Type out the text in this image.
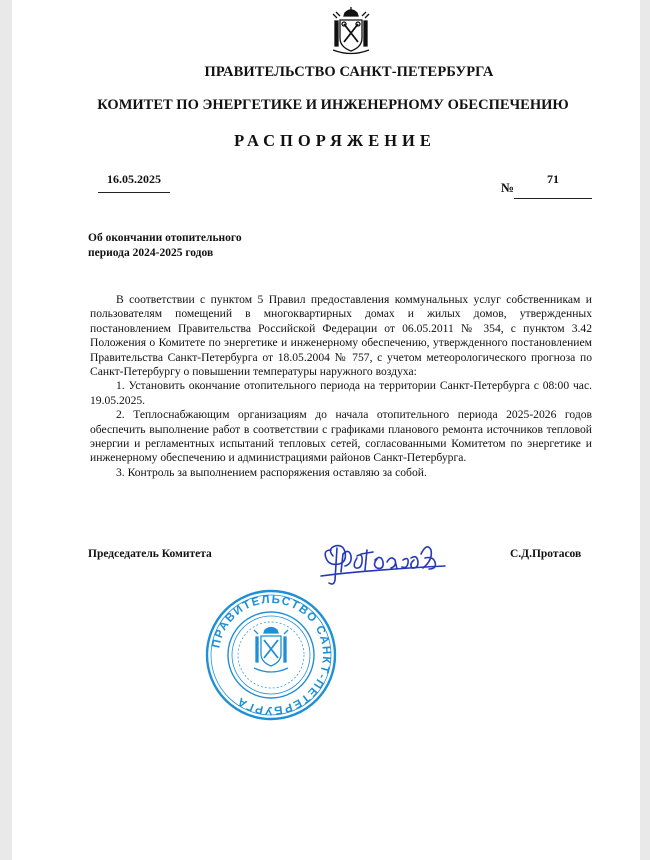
ПРАВИТЕЛЬСТВО САНКТ-ПЕТЕРБУРГА
КОМИТЕТ ПО ЭНЕРГЕТИКЕ И ИНЖЕНЕРНОМУ ОБЕСПЕЧЕНИЮ
РАСПОРЯЖЕНИЕ
16.05.2025
№
71
Об окончании отопительного
периода 2024-2025 годов

В соответствии с пунктом 5 Правил предоставления коммунальных услуг собственникам и пользователям помещений в многоквартирных домах и жилых домов, утвержденных постановлением Правительства Российской Федерации от 06.05.2011 № 354, с пунктом 3.42 Положения о Комитете по энергетике и инженерному обеспечению, утвержденного постановлением Правительства Санкт-Петербурга от 18.05.2004 № 757, с учетом метеорологического прогноза по Санкт-Петербургу о повышении температуры наружного воздуха:

1. Установить окончание отопительного периода на территории Санкт-Петербурга с 08:00 час. 19.05.2025.

2. Теплоснабжающим организациям до начала отопительного периода 2025-2026 годов обеспечить выполнение работ в соответствии с графиками планового ремонта источников тепловой энергии и регламентных испытаний тепловых сетей, согласованными Комитетом по энергетике и инженерному обеспечению и администрациями районов Санкт-Петербурга.

3. Контроль за выполнением распоряжения оставляю за собой.

Председатель Комитета	С.Д.Протасов
ПРАВИТЕЛЬСТВО САНКТ-ПЕТЕРБУРГА
